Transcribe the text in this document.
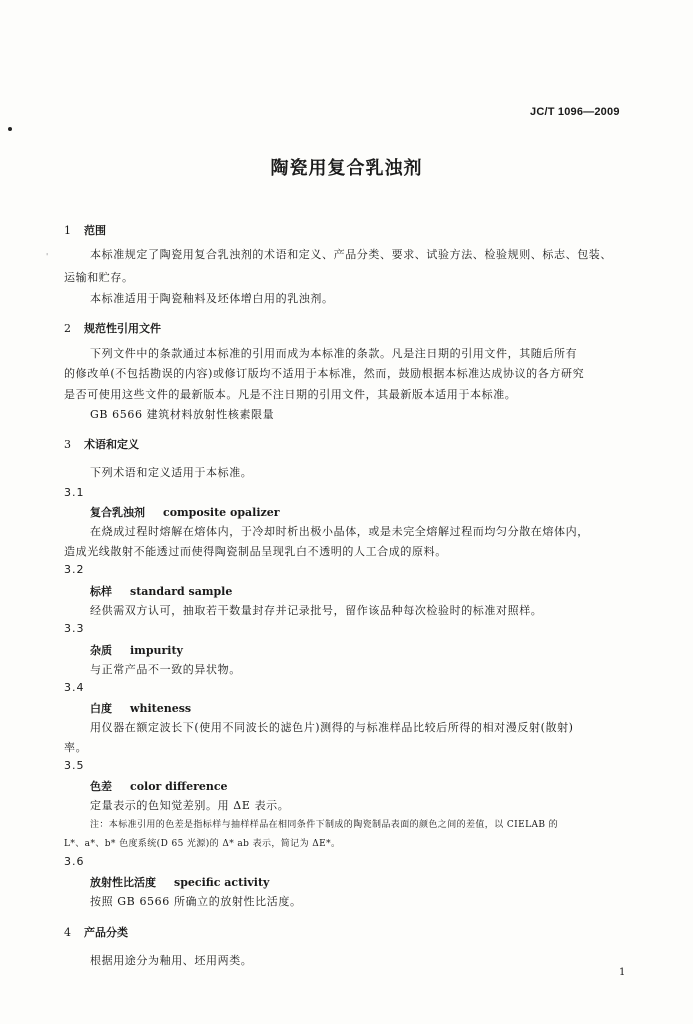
JC/T 1096—2009
陶瓷用复合乳浊剂
1 范围
'	本标准规定了陶瓷用复合乳浊剂的术语和定义、产品分类、要求、试验方法、检验规则、标志、包装、
运输和贮存。
本标准适用于陶瓷釉料及坯体增白用的乳浊剂。
2 规范性引用文件
下列文件中的条款通过本标准的引用而成为本标准的条款。凡是注日期的引用文件，其随后所有
的修改单(不包括勘误的内容)或修订版均不适用于本标准，然而，鼓励根据本标准达成协议的各方研究
是否可使用这些文件的最新版本。凡是不注日期的引用文件，其最新版本适用于本标准。
GB 6566 建筑材料放射性核素限量
3 术语和定义
下列术语和定义适用于本标准。
3.1
复合乳浊剂 composite opalizer
在烧成过程时熔解在熔体内，于冷却时析出极小晶体，或是未完全熔解过程而均匀分散在熔体内，
造成光线散射不能透过而使得陶瓷制品呈现乳白不透明的人工合成的原料。
3.2
标样 standard sample
经供需双方认可，抽取若干数量封存并记录批号，留作该品种每次检验时的标准对照样。
3.3
杂质 impurity
与正常产品不一致的异状物。
3.4
白度 whiteness
用仪器在额定波长下(使用不同波长的滤色片)测得的与标准样品比较后所得的相对漫反射(散射)
率。
3.5
色差 color difference
定量表示的色知觉差别。用 ΔE 表示。
注：本标准引用的色差是指标样与抽样样品在相同条件下制成的陶瓷制品表面的颜色之间的差值，以 CIELAB 的
L*、a*、b* 色度系统(D 65 光源)的 Δ* ab 表示，简记为 ΔE*。
3.6
放射性比活度 specific activity
按照 GB 6566 所确立的放射性比活度。
4 产品分类
根据用途分为釉用、坯用两类。
1
